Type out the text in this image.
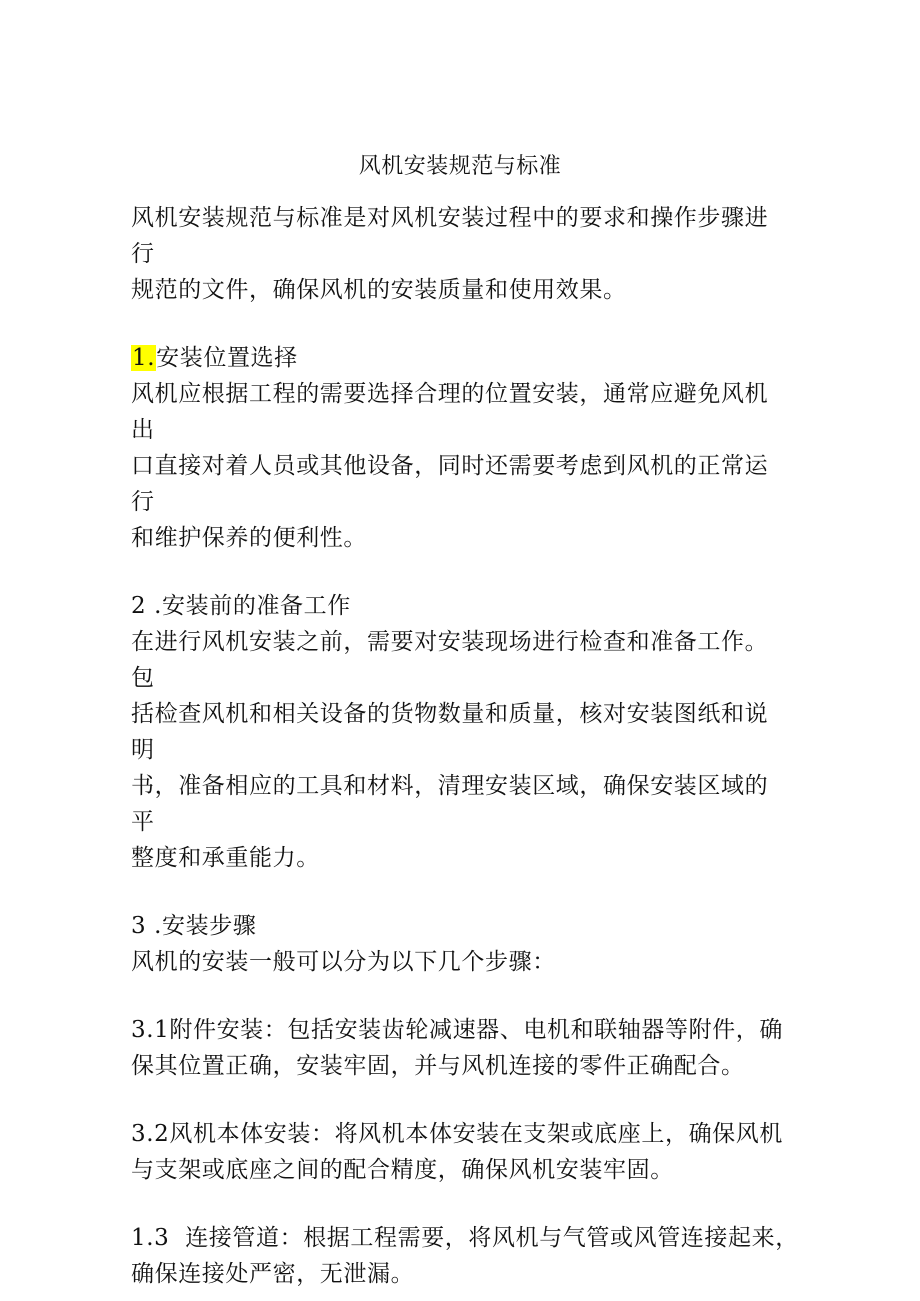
风机安装规范与标准
风机安装规范与标准是对风机安装过程中的要求和操作步骤进行
规范的文件，确保风机的安装质量和使用效果。
1.安装位置选择
风机应根据工程的需要选择合理的位置安装，通常应避免风机出
口直接对着人员或其他设备，同时还需要考虑到风机的正常运行
和维护保养的便利性。
2 .安装前的准备工作
在进行风机安装之前，需要对安装现场进行检查和准备工作。包
括检查风机和相关设备的货物数量和质量，核对安装图纸和说明
书，准备相应的工具和材料，清理安装区域，确保安装区域的平
整度和承重能力。
3 .安装步骤
风机的安装一般可以分为以下几个步骤：
3.1附件安装：包括安装齿轮减速器、电机和联轴器等附件，确
保其位置正确，安装牢固，并与风机连接的零件正确配合。
3.2风机本体安装：将风机本体安装在支架或底座上，确保风机
与支架或底座之间的配合精度，确保风机安装牢固。
1.3  连接管道：根据工程需要，将风机与气管或风管连接起来，
确保连接处严密，无泄漏。
